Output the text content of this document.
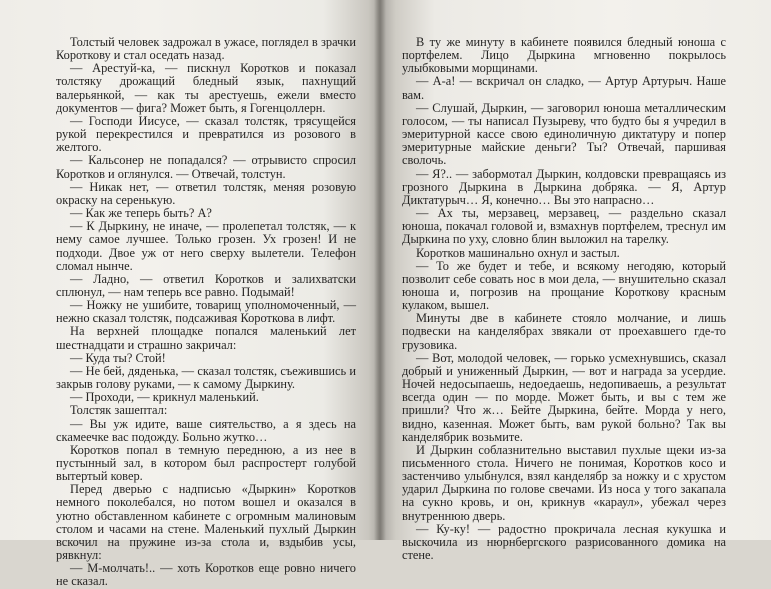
Толстый человек задрожал в ужасе, поглядел в зрачки Короткову и стал оседать назад.

— Арестуй-ка, — пискнул Коротков и показал толстяку дрожащий бледный язык, пахнущий валерьянкой, — как ты арестуешь, ежели вместо документов — фига? Может быть, я Гогенцоллерн.

— Господи Иисусе, — сказал толстяк, трясущейся рукой перекрестился и превратился из розового в желтого.

— Кальсонер не попадался? — отрывисто спросил Коротков и оглянулся. — Отвечай, толстун.

— Никак нет, — ответил толстяк, меняя розовую окраску на серенькую.

— Как же теперь быть? А?

— К Дыркину, не иначе, — пролепетал толстяк, — к нему самое лучшее. Только грозен. Ух грозен! И не подходи. Двое уж от него сверху вылетели. Телефон сломал нынче.

— Ладно, — ответил Коротков и залихватски сплюнул, — нам теперь все равно. Подымай!

— Ножку не ушибите, товарищ уполномоченный, — нежно сказал толстяк, подсаживая Короткова в лифт.

На верхней площадке попался маленький лет шестнадцати и страшно закричал:

— Куда ты? Стой!

— Не бей, дяденька, — сказал толстяк, съежившись и закрыв голову руками, — к самому Дыркину.

— Проходи, — крикнул маленький.

Толстяк зашептал:

— Вы уж идите, ваше сиятельство, а я здесь на скамеечке вас подожду. Больно жутко…

Коротков попал в темную переднюю, а из нее в пустынный зал, в котором был распростерт голубой вытертый ковер.

Перед дверью с надписью «Дыркин» Коротков немного поколебался, но потом вошел и оказался в уютно обставленном кабинете с огромным малиновым столом и часами на стене. Маленький пухлый Дыркин вскочил на пружине из-за стола и, вздыбив усы, рявкнул:

— М-молчать!.. — хоть Коротков еще ровно ничего не сказал.

В ту же минуту в кабинете появился бледный юноша с портфелем. Лицо Дыркина мгновенно покрылось улыбковыми морщинами.

— А-а! — вскричал он сладко, — Артур Артурыч. Наше вам.

— Слушай, Дыркин, — заговорил юноша металлическим голосом, — ты написал Пузыреву, что будто бы я учредил в эмеритурной кассе свою единоличную диктатуру и попер эмеритурные майские деньги? Ты? Отвечай, паршивая сволочь.

— Я?.. — забормотал Дыркин, колдовски превращаясь из грозного Дыркина в Дыркина добряка. — Я, Артур Диктатурыч… Я, конечно… Вы это напрасно…

— Ах ты, мерзавец, мерзавец, — раздельно сказал юноша, покачал головой и, взмахнув портфелем, треснул им Дыркина по уху, словно блин выложил на тарелку.

Коротков машинально охнул и застыл.

— То же будет и тебе, и всякому негодяю, который позволит себе совать нос в мои дела, — внушительно сказал юноша и, погрозив на прощание Короткову красным кулаком, вышел.

Минуты две в кабинете стояло молчание, и лишь подвески на канделябрах звякали от проехавшего где-то грузовика.

— Вот, молодой человек, — горько усмехнувшись, сказал добрый и униженный Дыркин, — вот и награда за усердие. Ночей недосыпаешь, недоедаешь, недопиваешь, а результат всегда один — по морде. Может быть, и вы с тем же пришли? Что ж… Бейте Дыркина, бейте. Морда у него, видно, казенная. Может быть, вам рукой больно? Так вы канделябрик возьмите.

И Дыркин соблазнительно выставил пухлые щеки из-за письменного стола. Ничего не понимая, Коротков косо и застенчиво улыбнулся, взял канделябр за ножку и с хрустом ударил Дыркина по голове свечами. Из носа у того закапала на сукно кровь, и он, крикнув «караул», убежал через внутреннюю дверь.

— Ку-ку! — радостно прокричала лесная кукушка и выскочила из нюрнбергского разрисованного домика на стене.
